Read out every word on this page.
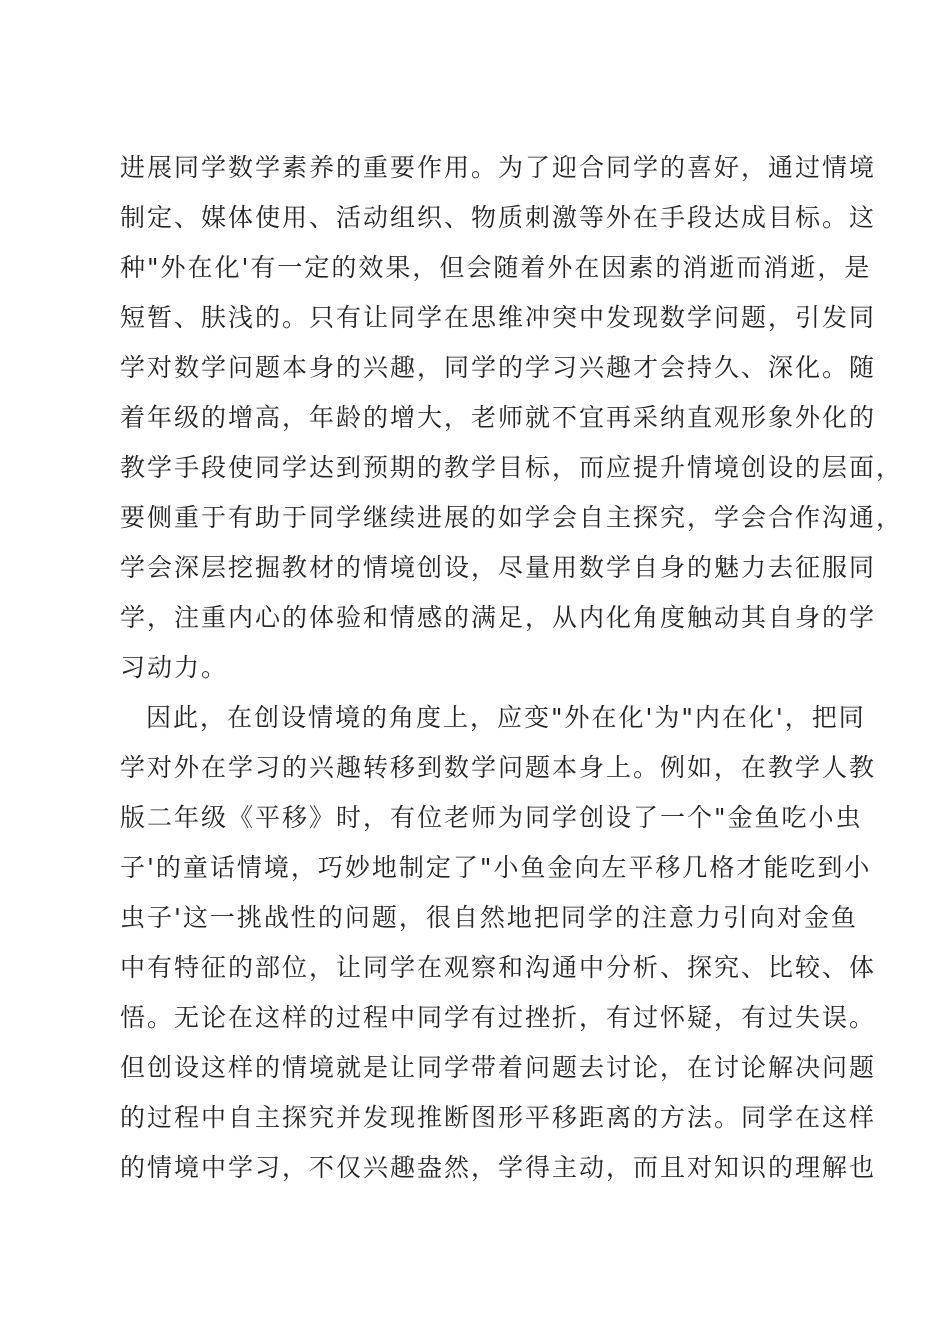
进展同学数学素养的重要作用。为了迎合同学的喜好，通过情境
制定、媒体使用、活动组织、物质刺激等外在手段达成目标。这
种"外在化'有一定的效果，但会随着外在因素的消逝而消逝，是
短暂、肤浅的。只有让同学在思维冲突中发现数学问题，引发同
学对数学问题本身的兴趣，同学的学习兴趣才会持久、深化。随
着年级的增高，年龄的增大，老师就不宜再采纳直观形象外化的
教学手段使同学达到预期的教学目标，而应提升情境创设的层面，
要侧重于有助于同学继续进展的如学会自主探究，学会合作沟通，
学会深层挖掘教材的情境创设，尽量用数学自身的魅力去征服同
学，注重内心的体验和情感的满足，从内化角度触动其自身的学
习动力。
因此，在创设情境的角度上，应变"外在化'为"内在化'，把同
学对外在学习的兴趣转移到数学问题本身上。例如，在教学人教
版二年级《平移》时，有位老师为同学创设了一个"金鱼吃小虫
子'的童话情境，巧妙地制定了"小鱼金向左平移几格才能吃到小
虫子'这一挑战性的问题，很自然地把同学的注意力引向对金鱼
中有特征的部位，让同学在观察和沟通中分析、探究、比较、体
悟。无论在这样的过程中同学有过挫折，有过怀疑，有过失误。
但创设这样的情境就是让同学带着问题去讨论，在讨论解决问题
的过程中自主探究并发现推断图形平移距离的方法。同学在这样
的情境中学习，不仅兴趣盎然，学得主动，而且对知识的理解也
